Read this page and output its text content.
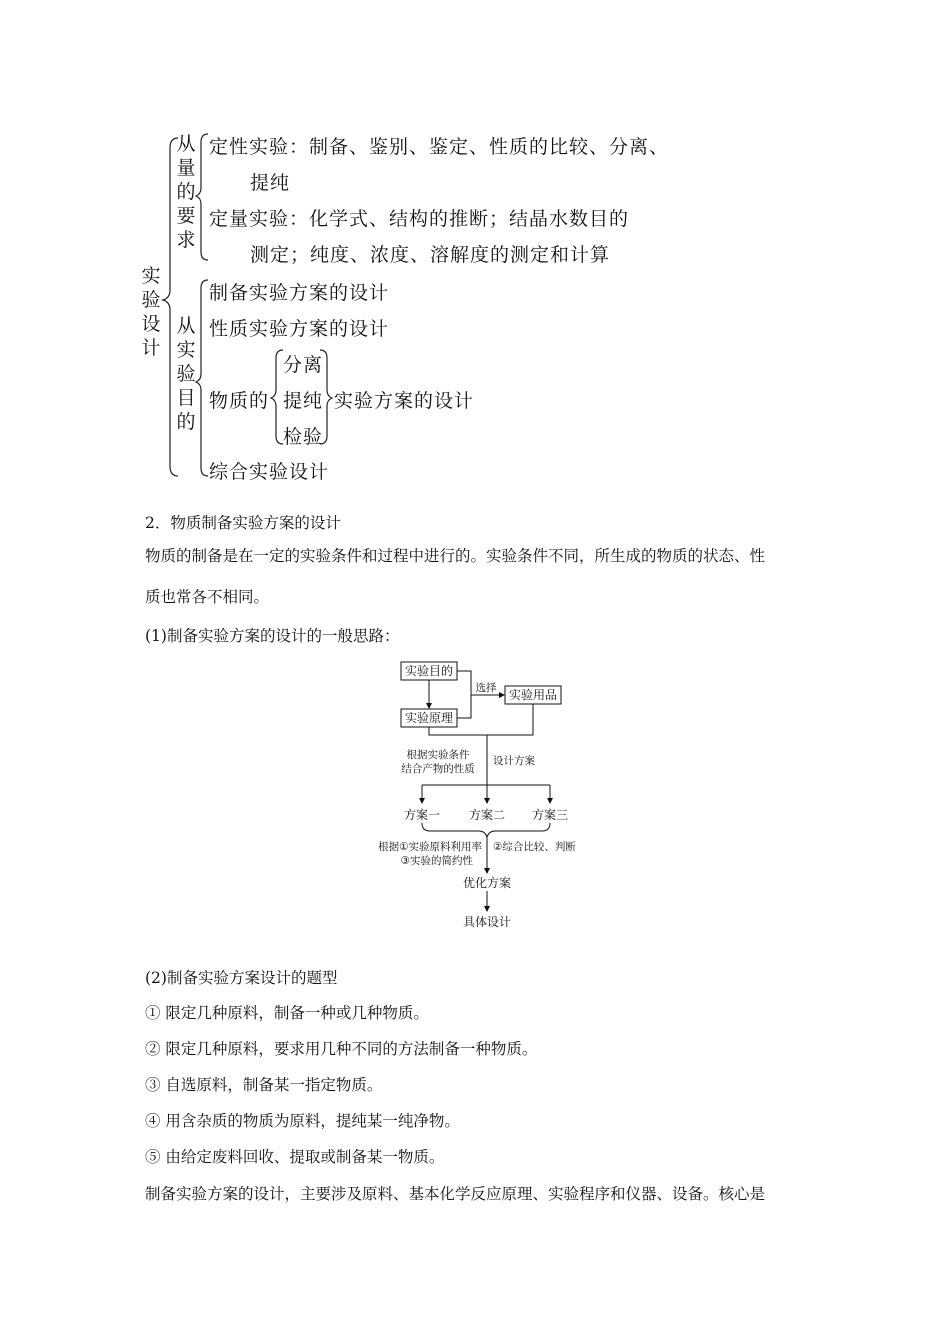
实验设计
从量的要求
从实验目的
定性实验：制备、鉴别、鉴定、性质的比较、分离、
提纯
定量实验：化学式、结构的推断；结晶水数目的
测定；纯度、浓度、溶解度的测定和计算
制备实验方案的设计
性质实验方案的设计
物质的
分离
提纯
检验
实验方案的设计
综合实验设计
2．物质制备实验方案的设计
物质的制备是在一定的实验条件和过程中进行的。实验条件不同，所生成的物质的状态、性
质也常各不相同。
(1)制备实验方案的设计的一般思路：
实验目的
实验原理
实验用品
选择
根据实验条件
结合产物的性质
设计方案
方案一 方案二 方案三
根据①实验原料利用率
③实验的简约性
②综合比较、判断
优化方案
具体设计
(2)制备实验方案设计的题型
① 限定几种原料，制备一种或几种物质。
② 限定几种原料，要求用几种不同的方法制备一种物质。
③ 自选原料，制备某一指定物质。
④ 用含杂质的物质为原料，提纯某一纯净物。
⑤ 由给定废料回收、提取或制备某一物质。
制备实验方案的设计，主要涉及原料、基本化学反应原理、实验程序和仪器、设备。核心是
